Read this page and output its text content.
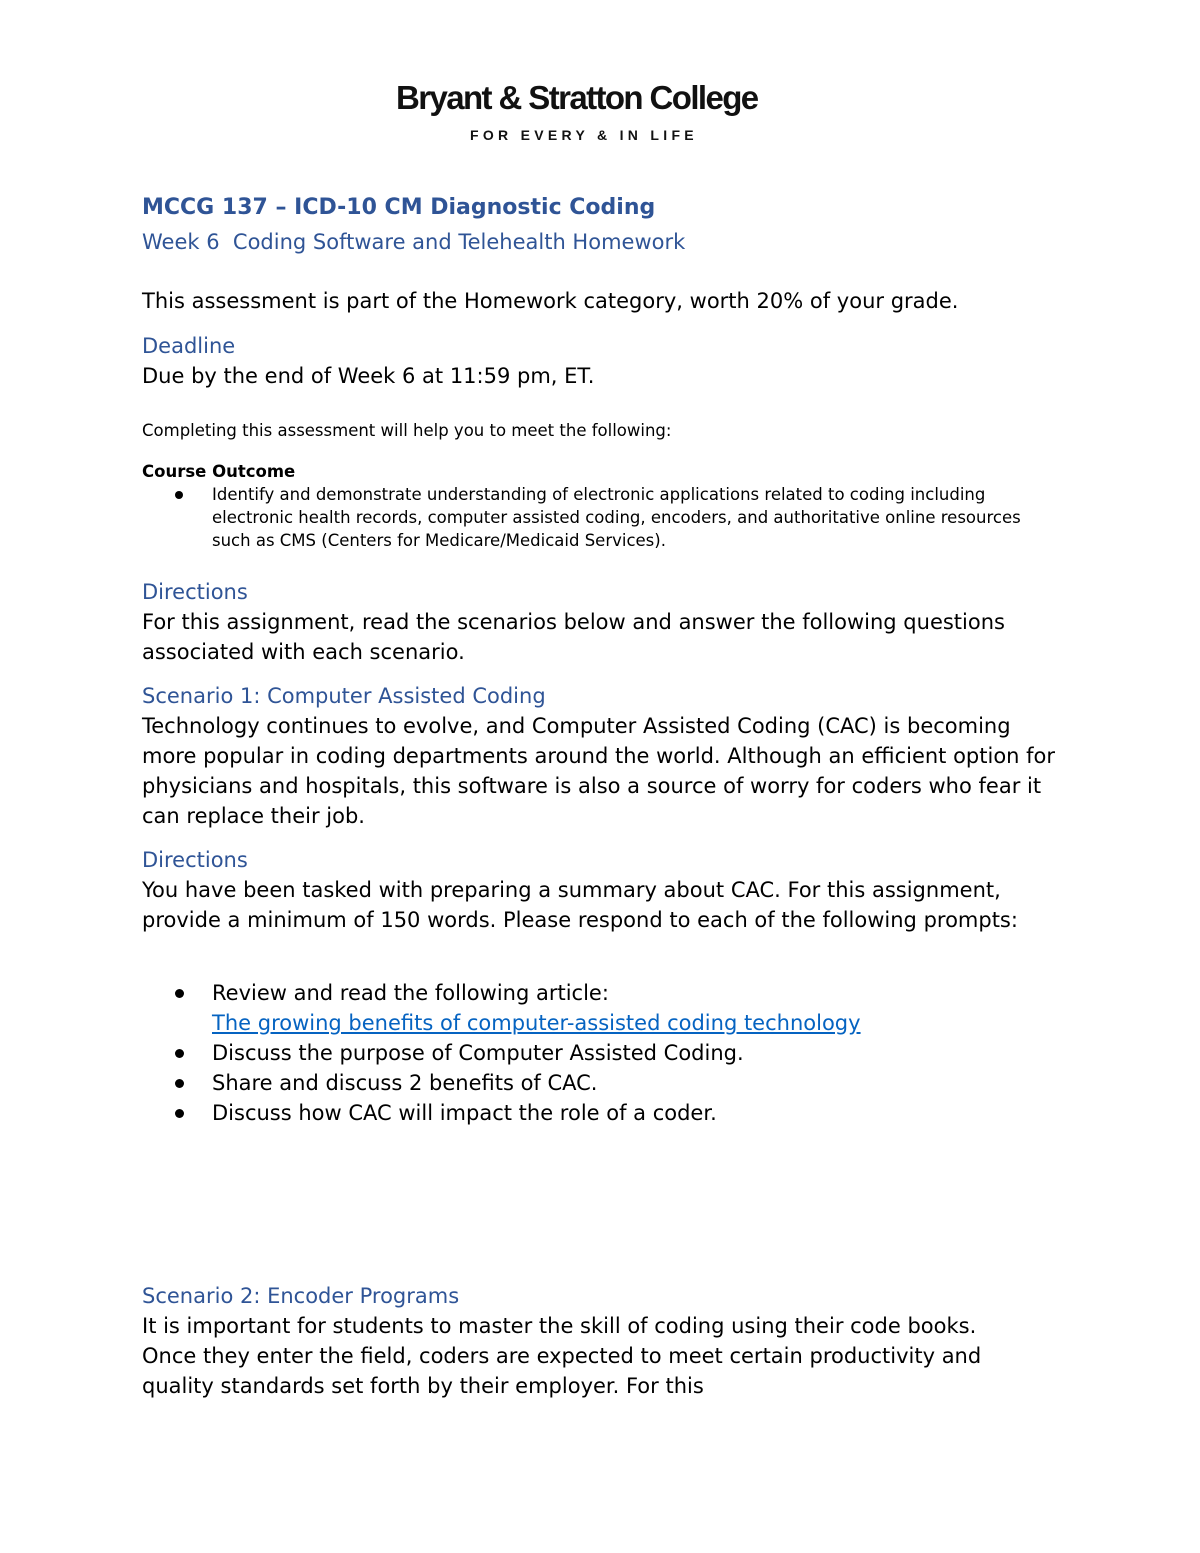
Bryant & Stratton College
FOR EVERY & IN LIFE
MCCG 137 – ICD-10 CM Diagnostic Coding
Week 6  Coding Software and Telehealth Homework
This assessment is part of the Homework category, worth 20% of your grade.
Deadline
Due by the end of Week 6 at 11:59 pm, ET.
Completing this assessment will help you to meet the following:
Course Outcome
Identify and demonstrate understanding of electronic applications related to coding including electronic health records, computer assisted coding, encoders, and authoritative online resources such as CMS (Centers for Medicare/Medicaid Services).
Directions
For this assignment, read the scenarios below and answer the following questions associated with each scenario.
Scenario 1: Computer Assisted Coding
Technology continues to evolve, and Computer Assisted Coding (CAC) is becoming more popular in coding departments around the world. Although an efficient option for physicians and hospitals, this software is also a source of worry for coders who fear it can replace their job.
Directions
You have been tasked with preparing a summary about CAC. For this assignment, provide a minimum of 150 words. Please respond to each of the following prompts:
Review and read the following article:
The growing benefits of computer-assisted coding technology
Discuss the purpose of Computer Assisted Coding.
Share and discuss 2 benefits of CAC.
Discuss how CAC will impact the role of a coder.
Scenario 2: Encoder Programs
It is important for students to master the skill of coding using their code books. Once they enter the field, coders are expected to meet certain productivity and quality standards set forth by their employer. For this
